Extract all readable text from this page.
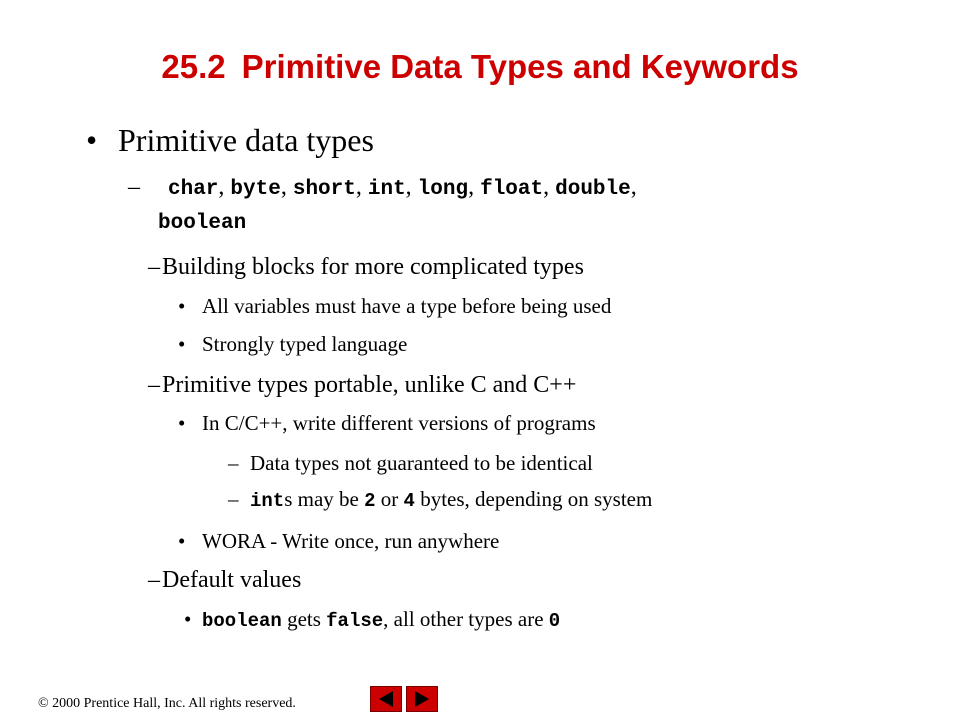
25.2 Primitive Data Types and Keywords
• Primitive data types
– char, byte, short, int, long, float, double,
boolean
– Building blocks for more complicated types
• All variables must have a type before being used
• Strongly typed language
– Primitive types portable, unlike C and C++
• In C/C++, write different versions of programs
– Data types not guaranteed to be identical
– ints may be 2 or 4 bytes, depending on system
• WORA - Write once, run anywhere
– Default values
• boolean gets false, all other types are 0
© 2000 Prentice Hall, Inc. All rights reserved.
